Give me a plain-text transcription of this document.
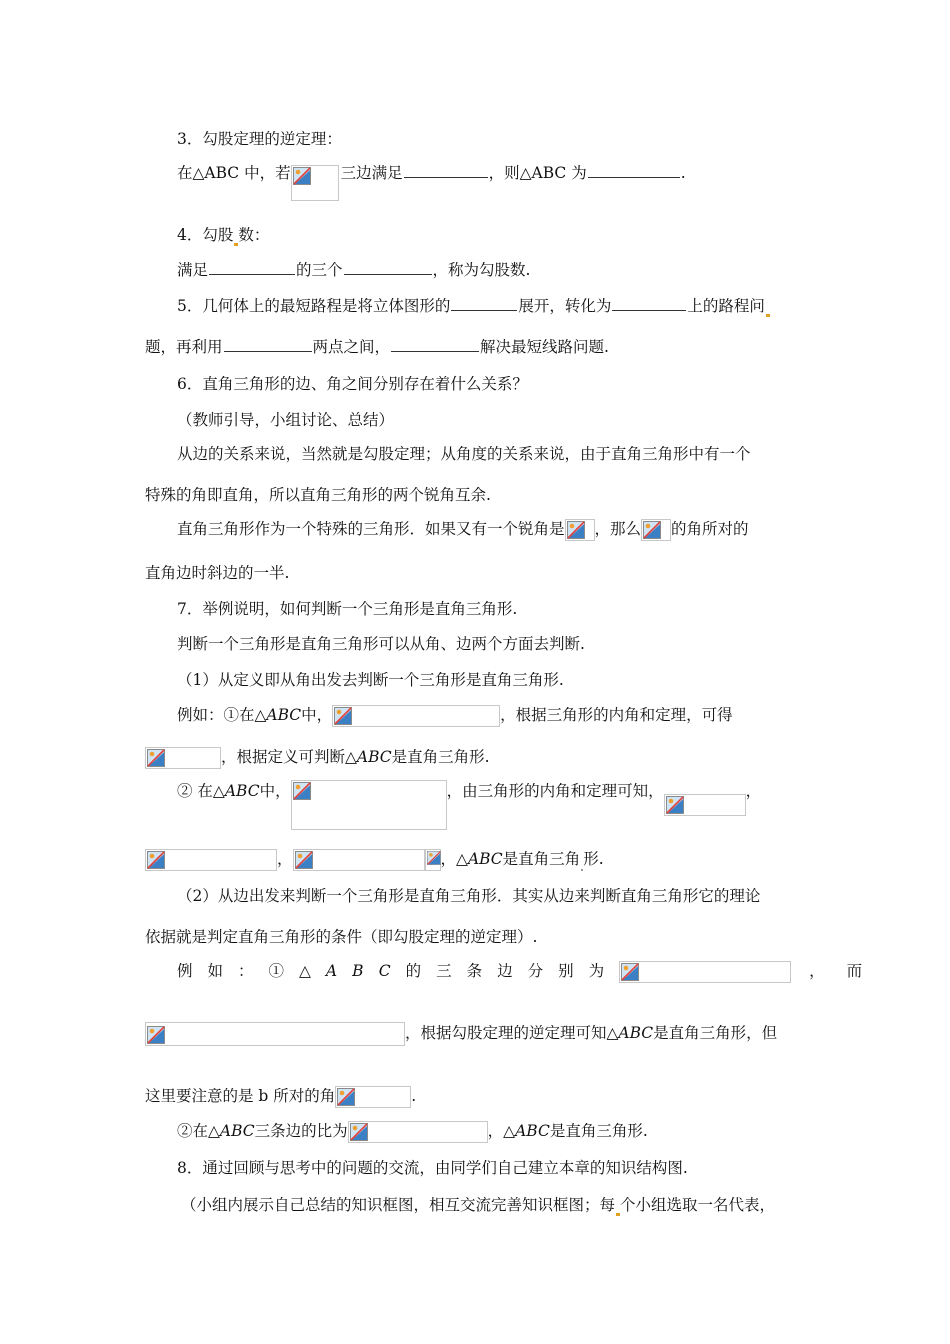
3．勾股定理的逆定理：
在△ABC 中，若	三边满足	，则△ABC 为	.
4．勾股 数：
满足	的三个	，称为勾股数.
5．几何体上的最短路程是将立体图形的	展开，转化为	上的路程问
题，再利用	两点之间，	解决最短线路问题.
6．直角三角形的边、角之间分别存在着什么关系？
（教师引导，小组讨论、总结）
从边的关系来说，当然就是勾股定理；从角度的关系来说，由于直角三角形中有一个
特殊的角即直角，所以直角三角形的两个锐角互余.
直角三角形作为一个特殊的三角形．如果又有一个锐角是 ，那么 的角所对的
直角边时斜边的一半.
7．举例说明，如何判断一个三角形是直角三角形.
判断一个三角形是直角三角形可以从角、边两个方面去判断.
（1）从定义即从角出发去判断一个三角形是直角三角形.
例如：①在△ABC中，	，根据三角形的内角和定理，可得
，根据定义可判断△ABC是直角三角形.
② 在△ABC中，	，由三角形的内角和定理可知，	，
，	，△ABC是直角三角 形.
（2）从边出发来判断一个三角形是直角三角形．其实从边来判断直角三角形它的理论
依据就是判定直角三角形的条件（即勾股定理的逆定理）.
例如：①△ABC的三条边分别为	，而
，根据勾股定理的逆定理可知△ABC是直角三角形，但
这里要注意的是 b 所对的角	.
②在△ABC三条边的比为	，△ABC是直角三角形.
8．通过回顾与思考中的问题的交流，由同学们自己建立本章的知识结构图.
（小组内展示自己总结的知识框图，相互交流完善知识框图；每 个小组选取一名代表，
